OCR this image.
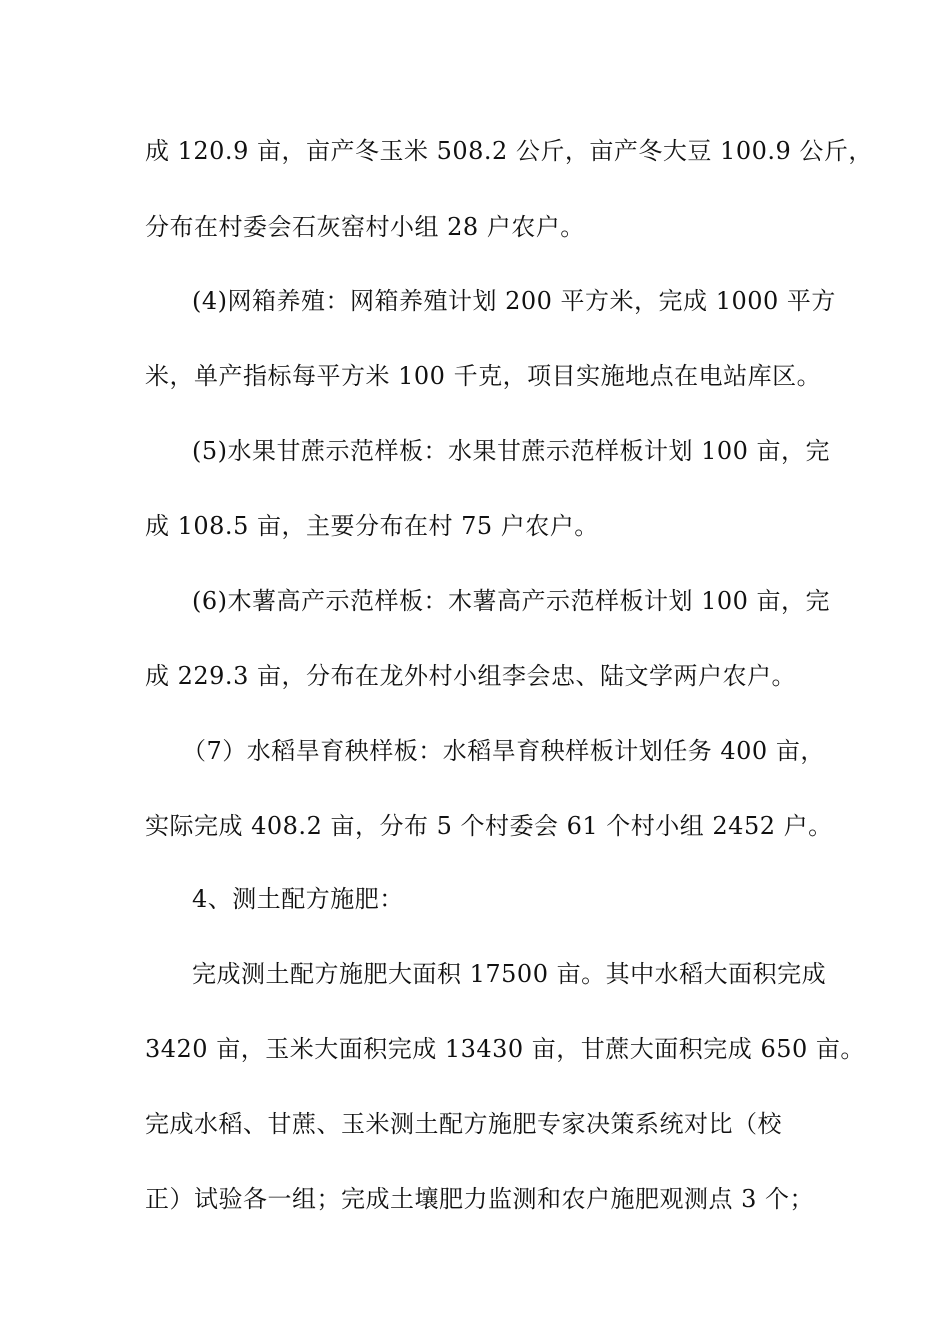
成 120.9 亩，亩产冬玉米 508.2 公斤，亩产冬大豆 100.9 公斤，
分布在村委会石灰窑村小组 28 户农户。
(4)网箱养殖：网箱养殖计划 200 平方米，完成 1000 平方
米，单产指标每平方米 100 千克，项目实施地点在电站库区。
(5)水果甘蔗示范样板：水果甘蔗示范样板计划 100 亩，完
成 108.5 亩，主要分布在村 75 户农户。
(6)木薯高产示范样板：木薯高产示范样板计划 100 亩，完
成 229.3 亩，分布在龙外村小组李会忠、陆文学两户农户。
（7）水稻旱育秧样板：水稻旱育秧样板计划任务 400 亩，
实际完成 408.2 亩，分布 5 个村委会 61 个村小组 2452 户。
4、测土配方施肥：
完成测土配方施肥大面积 17500 亩。其中水稻大面积完成
3420 亩，玉米大面积完成 13430 亩，甘蔗大面积完成 650 亩。
完成水稻、甘蔗、玉米测土配方施肥专家决策系统对比（校
正）试验各一组；完成土壤肥力监测和农户施肥观测点 3 个；
